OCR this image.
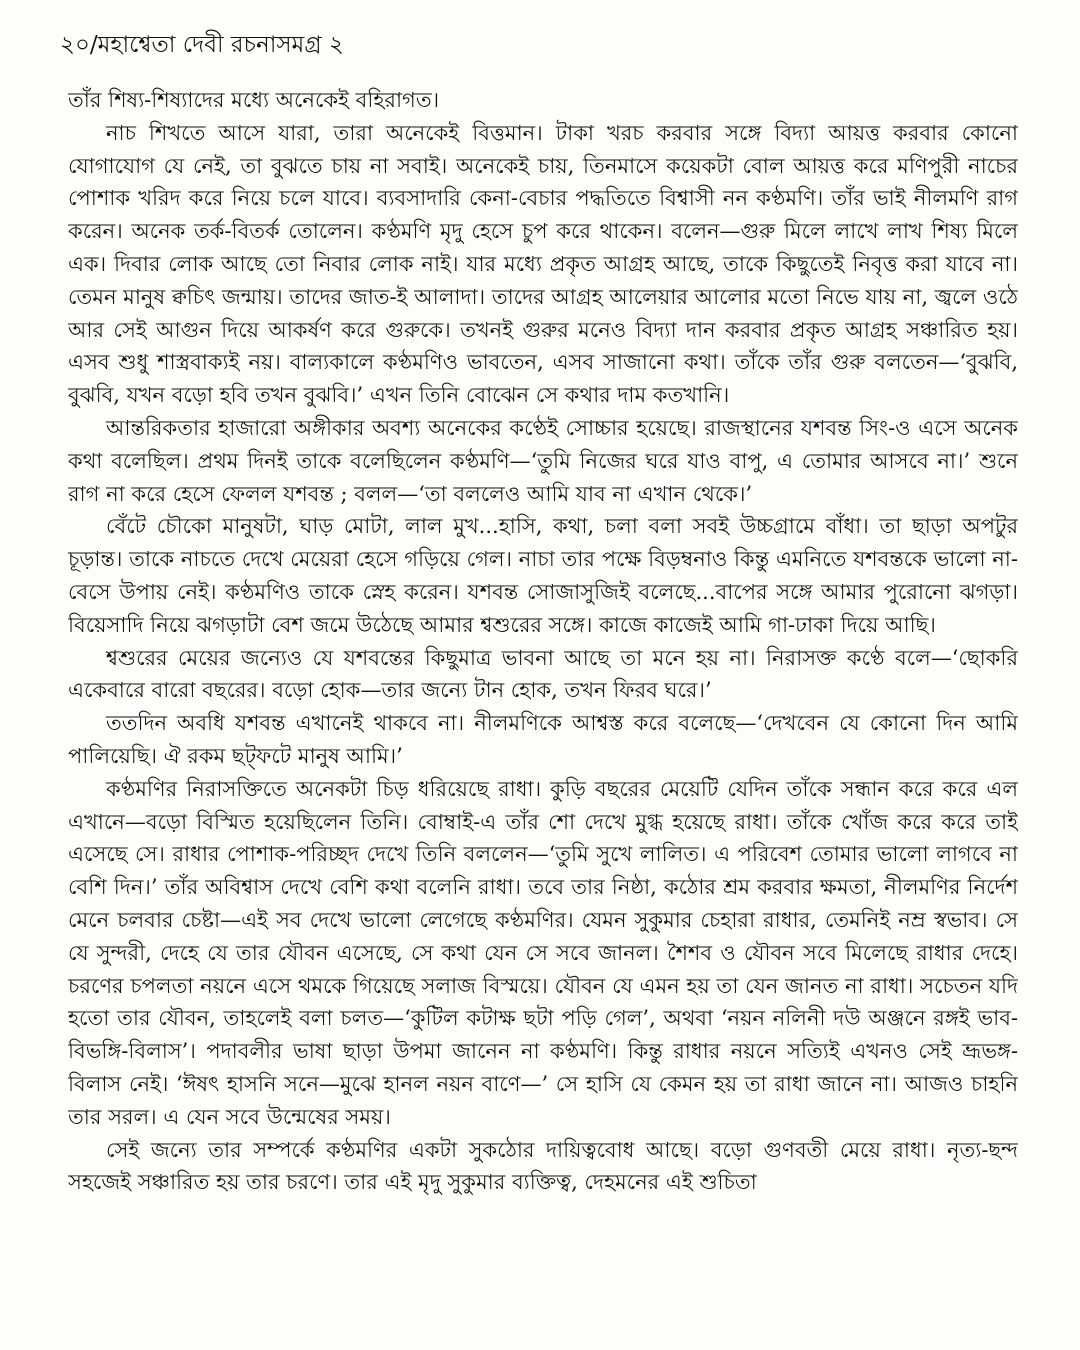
২০/মহাশ্বেতা দেবী রচনাসমগ্র ২

তাঁর শিষ্য-শিষ্যাদের মধ্যে অনেকেই বহিরাগত।

নাচ শিখতে আসে যারা, তারা অনেকেই বিত্তমান। টাকা খরচ করবার সঙ্গে বিদ্যা আয়ত্ত করবার কোনো যোগাযোগ যে নেই, তা বুঝতে চায় না সবাই। অনেকেই চায়, তিনমাসে কয়েকটা বোল আয়ত্ত করে মণিপুরী নাচের পোশাক খরিদ করে নিয়ে চলে যাবে। ব্যবসাদারি কেনা-বেচার পদ্ধতিতে বিশ্বাসী নন কণ্ঠমণি। তাঁর ভাই নীলমণি রাগ করেন। অনেক তর্ক-বিতর্ক তোলেন। কণ্ঠমণি মৃদু হেসে চুপ করে থাকেন। বলেন—গুরু মিলে লাখে লাখ শিষ্য মিলে এক। দিবার লোক আছে তো নিবার লোক নাই। যার মধ্যে প্রকৃত আগ্রহ আছে, তাকে কিছুতেই নিবৃত্ত করা যাবে না। তেমন মানুষ ক্বচিৎ জন্মায়। তাদের জাত-ই আলাদা। তাদের আগ্রহ আলেয়ার আলোর মতো নিভে যায় না, জ্বলে ওঠে আর সেই আগুন দিয়ে আকর্ষণ করে গুরুকে। তখনই গুরুর মনেও বিদ্যা দান করবার প্রকৃত আগ্রহ সঞ্চারিত হয়। এসব শুধু শাস্ত্রবাক্যই নয়। বাল্যকালে কণ্ঠমণিও ভাবতেন, এসব সাজানো কথা। তাঁকে তাঁর গুরু বলতেন—‘বুঝবি, বুঝবি, যখন বড়ো হবি তখন বুঝবি।’ এখন তিনি বোঝেন সে কথার দাম কতখানি।

আন্তরিকতার হাজারো অঙ্গীকার অবশ্য অনেকের কণ্ঠেই সোচ্চার হয়েছে। রাজস্থানের যশবন্ত সিং-ও এসে অনেক কথা বলেছিল। প্রথম দিনই তাকে বলেছিলেন কণ্ঠমণি—‘তুমি নিজের ঘরে যাও বাপু, এ তোমার আসবে না।’ শুনে রাগ না করে হেসে ফেলল যশবন্ত ; বলল—‘তা বললেও আমি যাব না এখান থেকে।’

বেঁটে চৌকো মানুষটা, ঘাড় মোটা, লাল মুখ...হাসি, কথা, চলা বলা সবই উচ্চগ্রামে বাঁধা। তা ছাড়া অপটুর চূড়ান্ত। তাকে নাচতে দেখে মেয়েরা হেসে গড়িয়ে গেল। নাচা তার পক্ষে বিড়ম্বনাও কিন্তু এমনিতে যশবন্তকে ভালো না-বেসে উপায় নেই। কণ্ঠমণিও তাকে স্নেহ করেন। যশবন্ত সোজাসুজিই বলেছে...বাপের সঙ্গে আমার পুরোনো ঝগড়া। বিয়েসাদি নিয়ে ঝগড়াটা বেশ জমে উঠেছে আমার শ্বশুরের সঙ্গে। কাজে কাজেই আমি গা-ঢাকা দিয়ে আছি।

শ্বশুরের মেয়ের জন্যেও যে যশবন্তের কিছুমাত্র ভাবনা আছে তা মনে হয় না। নিরাসক্ত কণ্ঠে বলে—‘ছোকরি একেবারে বারো বছরের। বড়ো হোক—তার জন্যে টান হোক, তখন ফিরব ঘরে।’

ততদিন অবধি যশবন্ত এখানেই থাকবে না। নীলমণিকে আশ্বস্ত করে বলেছে—‘দেখবেন যে কোনো দিন আমি পালিয়েছি। ঐ রকম ছট্‌ফটে মানুষ আমি।’

কণ্ঠমণির নিরাসক্তিতে অনেকটা চিড় ধরিয়েছে রাধা। কুড়ি বছরের মেয়েটি যেদিন তাঁকে সন্ধান করে করে এল এখানে—বড়ো বিস্মিত হয়েছিলেন তিনি। বোম্বাই-এ তাঁর শো দেখে মুগ্ধ হয়েছে রাধা। তাঁকে খোঁজ করে করে তাই এসেছে সে। রাধার পোশাক-পরিচ্ছদ দেখে তিনি বললেন—‘তুমি সুখে লালিত। এ পরিবেশ তোমার ভালো লাগবে না বেশি দিন।’ তাঁর অবিশ্বাস দেখে বেশি কথা বলেনি রাধা। তবে তার নিষ্ঠা, কঠোর শ্রম করবার ক্ষমতা, নীলমণির নির্দেশ মেনে চলবার চেষ্টা—এই সব দেখে ভালো লেগেছে কণ্ঠমণির। যেমন সুকুমার চেহারা রাধার, তেমনিই নম্র স্বভাব। সে যে সুন্দরী, দেহে যে তার যৌবন এসেছে, সে কথা যেন সে সবে জানল। শৈশব ও যৌবন সবে মিলেছে রাধার দেহে। চরণের চপলতা নয়নে এসে থমকে গিয়েছে সলাজ বিস্ময়ে। যৌবন যে এমন হয় তা যেন জানত না রাধা। সচেতন যদি হতো তার যৌবন, তাহলেই বলা চলত—‘কুটিল কটাক্ষ ছটা পড়ি গেল’, অথবা ‘নয়ন নলিনী দউ অঞ্জনে রঙ্গই ভাব-বিভঙ্গি-বিলাস’। পদাবলীর ভাষা ছাড়া উপমা জানেন না কণ্ঠমণি। কিন্তু রাধার নয়নে সত্যিই এখনও সেই ভ্রূভঙ্গ-বিলাস নেই। ‘ঈষৎ হাসনি সনে—মুঝে হানল নয়ন বাণে—’ সে হাসি যে কেমন হয় তা রাধা জানে না। আজও চাহনি তার সরল। এ যেন সবে উন্মেষের সময়।

সেই জন্যে তার সম্পর্কে কণ্ঠমণির একটা সুকঠোর দায়িত্ববোধ আছে। বড়ো গুণবতী মেয়ে রাধা। নৃত্য-ছন্দ সহজেই সঞ্চারিত হয় তার চরণে। তার এই মৃদু সুকুমার ব্যক্তিত্ব, দেহমনের এই শুচিতা
